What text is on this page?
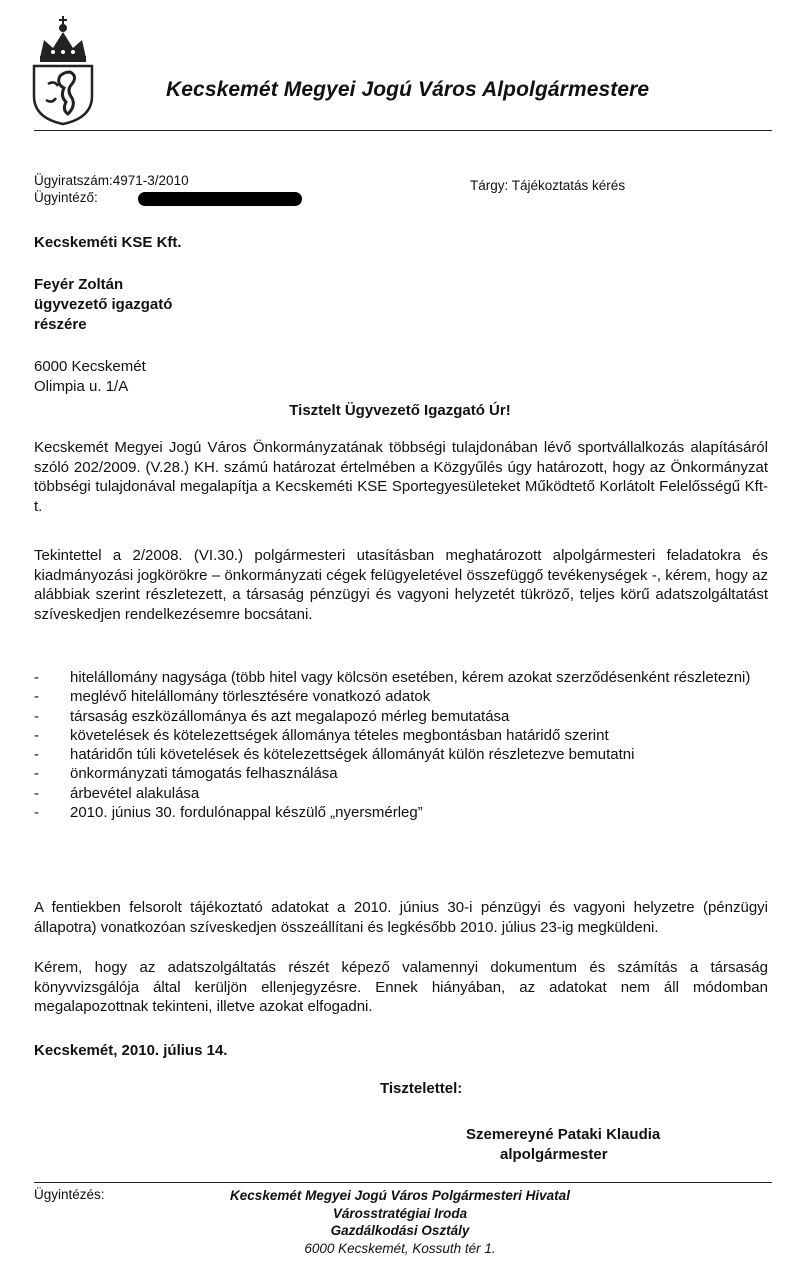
Kecskemét Megyei Jogú Város Alpolgármestere
Ügyiratszám:4971-3/2010
Ügyintéző:
Tárgy: Tájékoztatás kérés
Kecskeméti KSE Kft.
Feyér Zoltán
ügyvezető igazgató
részére
6000 Kecskemét
Olimpia u. 1/A
Tisztelt Ügyvezető Igazgató Úr!
Kecskemét Megyei Jogú Város Önkormányzatának többségi tulajdonában lévő sportvállalkozás alapításáról szóló 202/2009. (V.28.) KH. számú határozat értelmében a Közgyűlés úgy határozott, hogy az Önkormányzat többségi tulajdonával megalapítja a Kecskeméti KSE Sportegyesületeket Működtető Korlátolt Felelősségű Kft-t.
Tekintettel a 2/2008. (VI.30.) polgármesteri utasításban meghatározott alpolgármesteri feladatokra és kiadmányozási jogkörökre – önkormányzati cégek felügyeletével összefüggő tevékenységek -, kérem, hogy az alábbiak szerint részletezett, a társaság pénzügyi és vagyoni helyzetét tükröző, teljes körű adatszolgáltatást szíveskedjen rendelkezésemre bocsátani.
- hitelállomány nagysága (több hitel vagy kölcsön esetében, kérem azokat szerződésenként részletezni)
- meglévő hitelállomány törlesztésére vonatkozó adatok
- társaság eszközállománya és azt megalapozó mérleg bemutatása
- követelések és kötelezettségek állománya tételes megbontásban határidő szerint
- határidőn túli követelések és kötelezettségek állományát külön részletezve bemutatni
- önkormányzati támogatás felhasználása
- árbevétel alakulása
- 2010. június 30. fordulónappal készülő „nyersmérleg”
A fentiekben felsorolt tájékoztató adatokat a 2010. június 30-i pénzügyi és vagyoni helyzetre (pénzügyi állapotra) vonatkozóan szíveskedjen összeállítani és legkésőbb 2010. július 23-ig megküldeni.
Kérem, hogy az adatszolgáltatás részét képező valamennyi dokumentum és számítás a társaság könyvvizsgálója által kerüljön ellenjegyzésre. Ennek hiányában, az adatokat nem áll módomban megalapozottnak tekinteni, illetve azokat elfogadni.
Kecskemét, 2010. július 14.
Tisztelettel:
Szemereyné Pataki Klaudia
alpolgármester
Ügyintézés:	Kecskemét Megyei Jogú Város Polgármesteri Hivatal
Városstratégiai Iroda
Gazdálkodási Osztály
6000 Kecskemét, Kossuth tér 1.
